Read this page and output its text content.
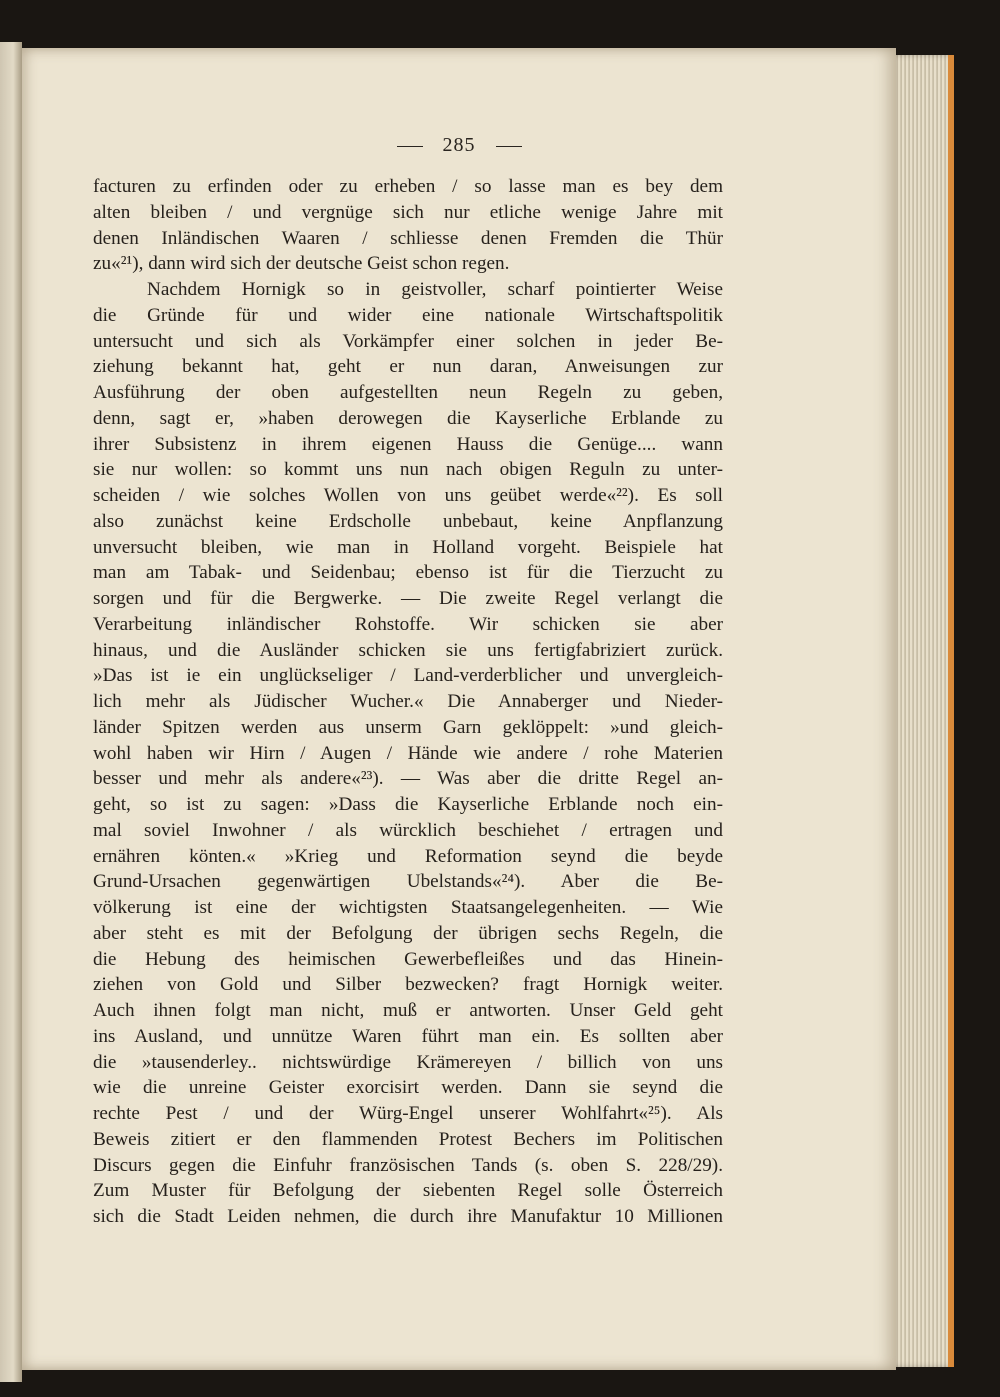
285
facturen zu erfinden oder zu erheben / so lasse man es bey dem
alten bleiben / und vergnüge sich nur etliche wenige Jahre mit
denen Inländischen Waaren / schliesse denen Fremden die Thür
zu«²¹), dann wird sich der deutsche Geist schon regen.
Nachdem Hornigk so in geistvoller, scharf pointierter Weise
die Gründe für und wider eine nationale Wirtschaftspolitik
untersucht und sich als Vorkämpfer einer solchen in jeder Be-
ziehung bekannt hat, geht er nun daran, Anweisungen zur
Ausführung der oben aufgestellten neun Regeln zu geben,
denn, sagt er, »haben derowegen die Kayserliche Erblande zu
ihrer Subsistenz in ihrem eigenen Hauss die Genüge.... wann
sie nur wollen: so kommt uns nun nach obigen Reguln zu unter-
scheiden / wie solches Wollen von uns geübet werde«²²). Es soll
also zunächst keine Erdscholle unbebaut, keine Anpflanzung
unversucht bleiben, wie man in Holland vorgeht. Beispiele hat
man am Tabak- und Seidenbau; ebenso ist für die Tierzucht zu
sorgen und für die Bergwerke. — Die zweite Regel verlangt die
Verarbeitung inländischer Rohstoffe. Wir schicken sie aber
hinaus, und die Ausländer schicken sie uns fertigfabriziert zurück.
»Das ist ie ein unglückseliger / Land-verderblicher und unvergleich-
lich mehr als Jüdischer Wucher.« Die Annaberger und Nieder-
länder Spitzen werden aus unserm Garn geklöppelt: »und gleich-
wohl haben wir Hirn / Augen / Hände wie andere / rohe Materien
besser und mehr als andere«²³). — Was aber die dritte Regel an-
geht, so ist zu sagen: »Dass die Kayserliche Erblande noch ein-
mal soviel Inwohner / als würcklich beschiehet / ertragen und
ernähren könten.« »Krieg und Reformation seynd die beyde
Grund-Ursachen gegenwärtigen Ubelstands«²⁴). Aber die Be-
völkerung ist eine der wichtigsten Staatsangelegenheiten. — Wie
aber steht es mit der Befolgung der übrigen sechs Regeln, die
die Hebung des heimischen Gewerbefleißes und das Hinein-
ziehen von Gold und Silber bezwecken? fragt Hornigk weiter.
Auch ihnen folgt man nicht, muß er antworten. Unser Geld geht
ins Ausland, und unnütze Waren führt man ein. Es sollten aber
die »tausenderley.. nichtswürdige Krämereyen / billich von uns
wie die unreine Geister exorcisirt werden. Dann sie seynd die
rechte Pest / und der Würg-Engel unserer Wohlfahrt«²⁵). Als
Beweis zitiert er den flammenden Protest Bechers im Politischen
Discurs gegen die Einfuhr französischen Tands (s. oben S. 228/29).
Zum Muster für Befolgung der siebenten Regel solle Österreich
sich die Stadt Leiden nehmen, die durch ihre Manufaktur 10 Millionen
